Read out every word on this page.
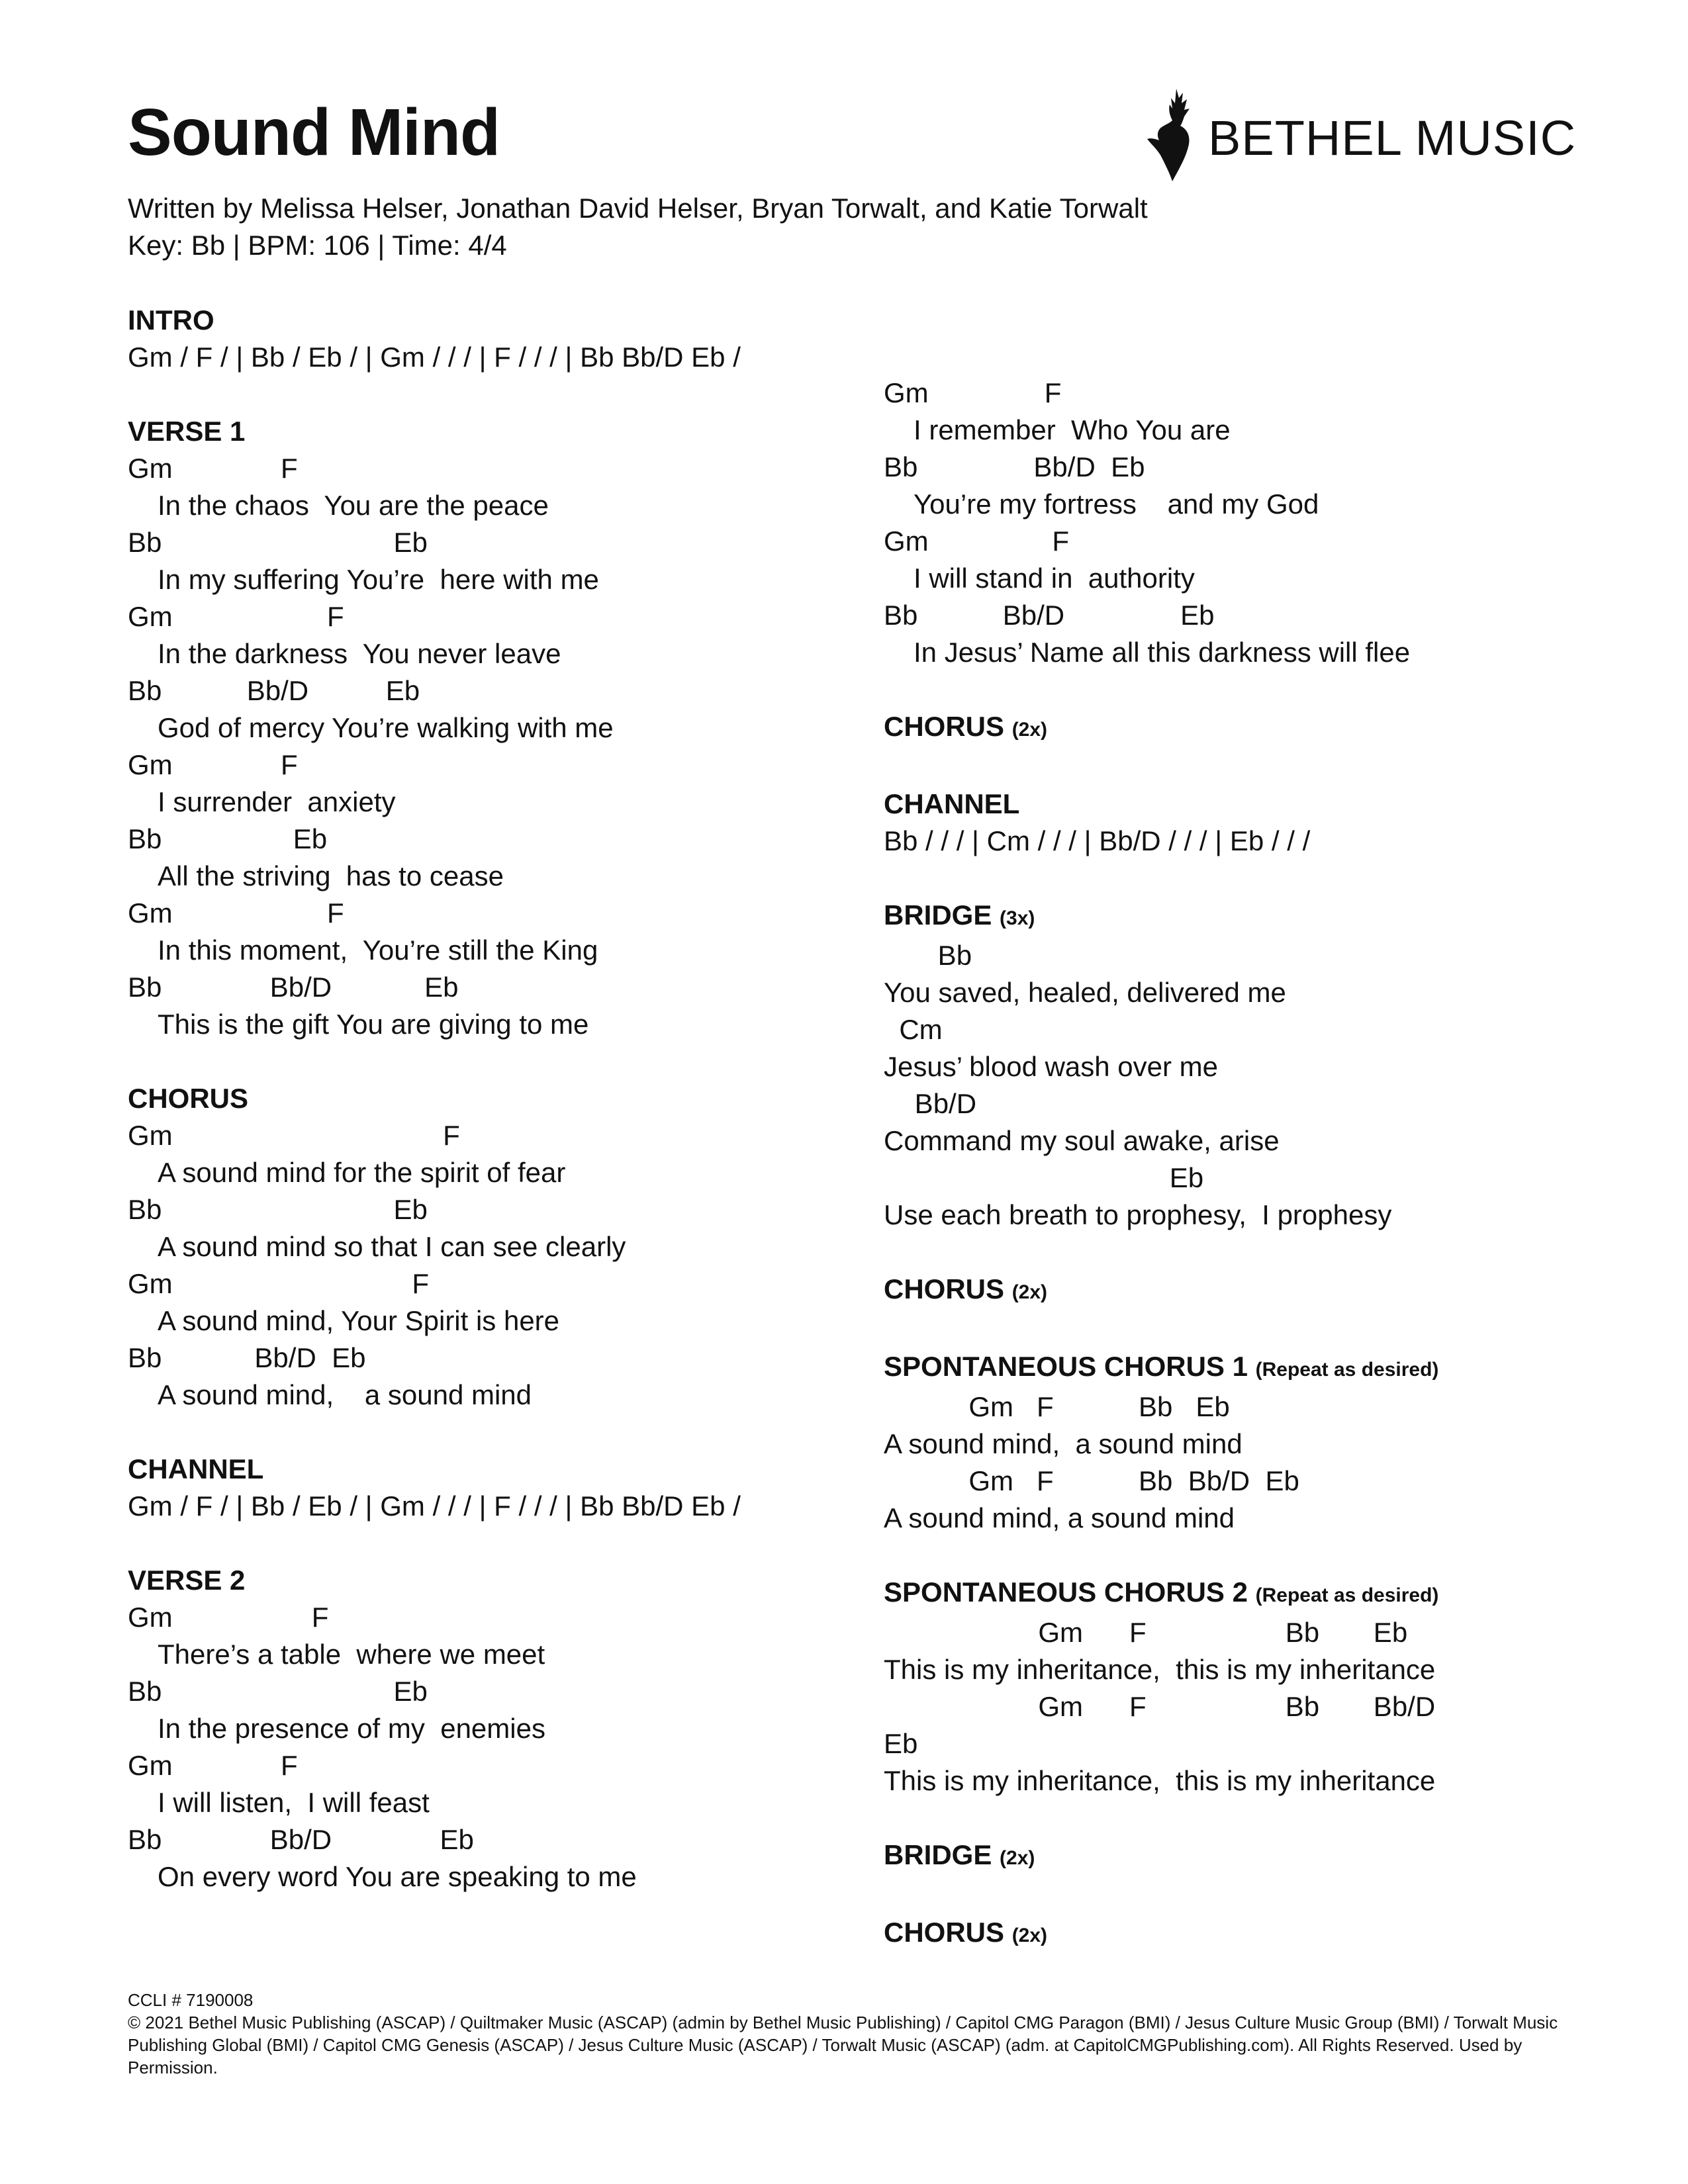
Sound Mind
Written by Melissa Helser, Jonathan David Helser, Bryan Torwalt, and Katie Torwalt
Key: Bb | BPM: 106 | Time: 4/4
BETHEL MUSIC
INTRO
Gm / F / | Bb / Eb / | Gm / / / | F / / / | Bb Bb/D Eb /
VERSE 1
Gm              F
In the chaos  You are the peace
Bb                              Eb
In my suffering You’re  here with me
Gm                    F
In the darkness  You never leave
Bb           Bb/D          Eb
God of mercy You’re walking with me
Gm              F
I surrender  anxiety
Bb                 Eb
All the striving  has to cease
Gm                    F
In this moment,  You’re still the King
Bb              Bb/D            Eb
This is the gift You are giving to me
CHORUS
Gm                                   F
A sound mind for the spirit of fear
Bb                              Eb
A sound mind so that I can see clearly
Gm                               F
A sound mind, Your Spirit is here
Bb            Bb/D  Eb
A sound mind,    a sound mind
CHANNEL
Gm / F / | Bb / Eb / | Gm / / / | F / / / | Bb Bb/D Eb /
VERSE 2
Gm                  F
There’s a table  where we meet
Bb                              Eb
In the presence of my  enemies
Gm              F
I will listen,  I will feast
Bb              Bb/D              Eb
On every word You are speaking to me
Gm               F
I remember  Who You are
Bb               Bb/D  Eb
You’re my fortress    and my God
Gm                F
I will stand in  authority
Bb           Bb/D               Eb
In Jesus’ Name all this darkness will flee
CHORUS (2x)
CHANNEL
Bb / / / | Cm / / / | Bb/D / / / | Eb / / /
BRIDGE (3x)
Bb
You saved, healed, delivered me
Cm
Jesus’ blood wash over me
Bb/D
Command my soul awake, arise
Eb
Use each breath to prophesy,  I prophesy
CHORUS (2x)
SPONTANEOUS CHORUS 1 (Repeat as desired)
Gm   F           Bb   Eb
A sound mind,  a sound mind
Gm   F           Bb  Bb/D  Eb
A sound mind, a sound mind
SPONTANEOUS CHORUS 2 (Repeat as desired)
Gm      F                  Bb       Eb
This is my inheritance,  this is my inheritance
Gm      F                  Bb       Bb/D
Eb
This is my inheritance,  this is my inheritance
BRIDGE (2x)
CHORUS (2x)
CCLI # 7190008
© 2021 Bethel Music Publishing (ASCAP) / Quiltmaker Music (ASCAP) (admin by Bethel Music Publishing) / Capitol CMG Paragon (BMI) / Jesus Culture Music Group (BMI) / Torwalt Music Publishing Global (BMI) / Capitol CMG Genesis (ASCAP) / Jesus Culture Music (ASCAP) / Torwalt Music (ASCAP) (adm. at CapitolCMGPublishing.com). All Rights Reserved. Used by Permission.
